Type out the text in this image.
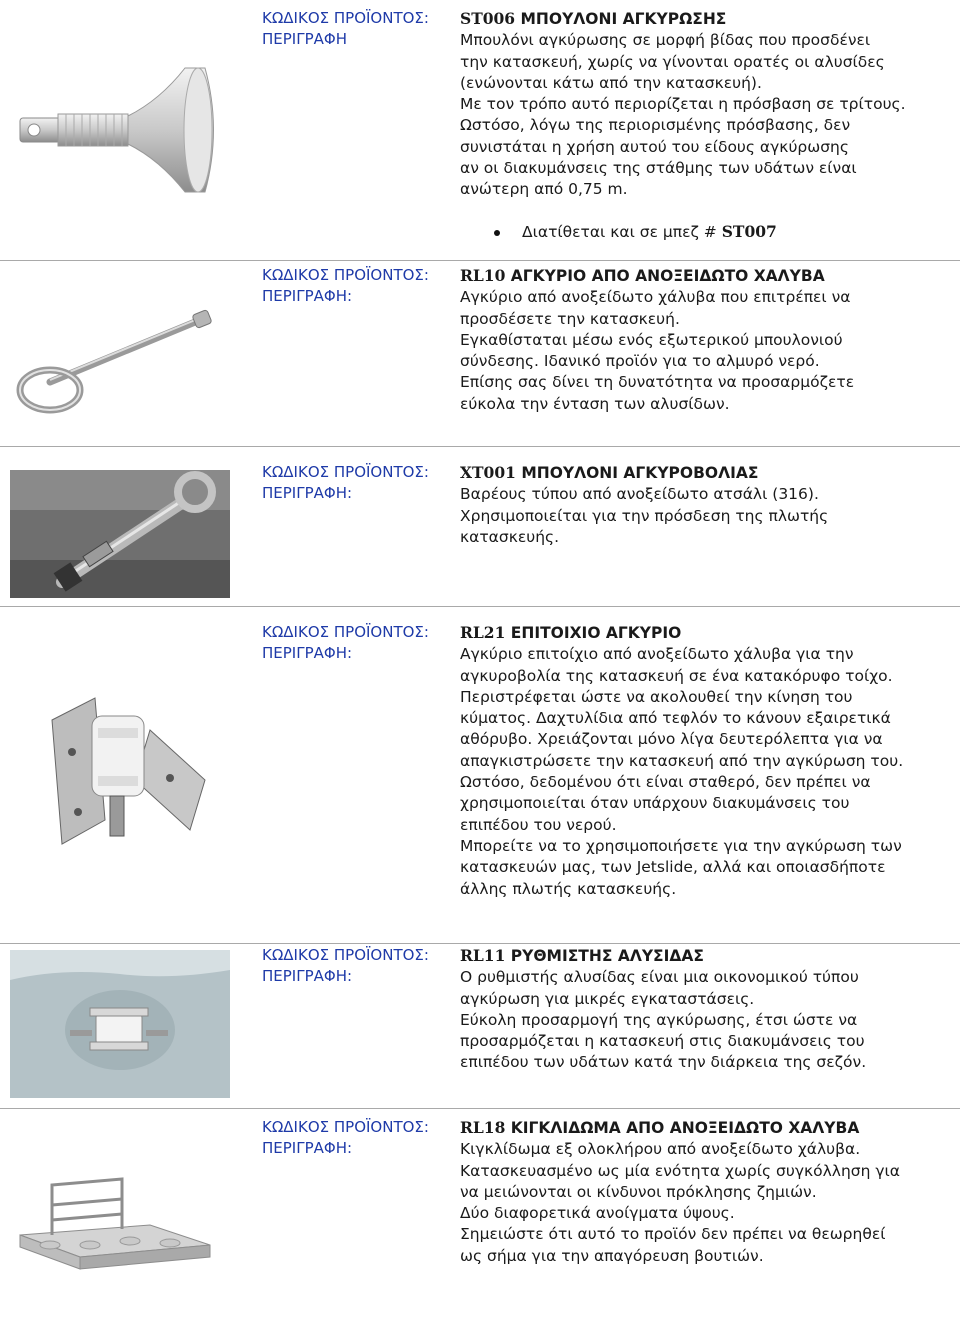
ΚΩΔΙΚΟΣ ΠΡΟΪΟΝΤΟΣ:
ΠΕΡΙΓΡΑΦΗ
ST006 ΜΠΟΥΛΟΝΙ ΑΓΚΥΡΩΣΗΣ
Μπουλόνι αγκύρωσης σε μορφή βίδας που προσδένει
την κατασκευή, χωρίς να γίνονται ορατές οι αλυσίδες
(ενώνονται κάτω από την κατασκευή).
Με τον τρόπο αυτό περιορίζεται η πρόσβαση σε τρίτους.
Ωστόσο, λόγω της περιορισμένης πρόσβασης, δεν
συνιστάται η χρήση αυτού του είδους αγκύρωσης
αν οι διακυμάνσεις της στάθμης των υδάτων είναι
ανώτερη από 0,75 m.
Διατίθεται και σε μπεζ # ST007
ΚΩΔΙΚΟΣ ΠΡΟΪΟΝΤΟΣ:
ΠΕΡΙΓΡΑΦΗ:
RL10 ΑΓΚΥΡΙΟ ΑΠΟ ΑΝΟΞΕΙΔΩΤΟ ΧΑΛΥΒΑ
Αγκύριο από ανοξείδωτο χάλυβα που επιτρέπει να
προσδέσετε την κατασκευή.
Εγκαθίσταται μέσω ενός εξωτερικού μπουλονιού
σύνδεσης. Ιδανικό προϊόν για το αλμυρό νερό.
Επίσης σας δίνει τη δυνατότητα να προσαρμόζετε
εύκολα την ένταση των αλυσίδων.
ΚΩΔΙΚΟΣ ΠΡΟΪΟΝΤΟΣ:
ΠΕΡΙΓΡΑΦΗ:
XT001 ΜΠΟΥΛΟΝΙ ΑΓΚΥΡΟΒΟΛΙΑΣ
Βαρέους τύπου από ανοξείδωτο ατσάλι (316).
Χρησιμοποιείται για την πρόσδεση της πλωτής
κατασκευής.
ΚΩΔΙΚΟΣ ΠΡΟΪΟΝΤΟΣ:
ΠΕΡΙΓΡΑΦΗ:
RL21 ΕΠΙΤΟΙΧΙΟ ΑΓΚΥΡΙΟ
Αγκύριο επιτοίχιο από ανοξείδωτο χάλυβα για την
αγκυροβολία της κατασκευή σε ένα κατακόρυφο τοίχο.
Περιστρέφεται ώστε να ακολουθεί την κίνηση του
κύματος. Δαχτυλίδια από τεφλόν το κάνουν εξαιρετικά
αθόρυβο. Χρειάζονται μόνο λίγα δευτερόλεπτα για να
απαγκιστρώσετε την κατασκευή από την αγκύρωση του.
Ωστόσο, δεδομένου ότι είναι σταθερό, δεν πρέπει να
χρησιμοποιείται όταν υπάρχουν διακυμάνσεις του
επιπέδου του νερού.
Μπορείτε να το χρησιμοποιήσετε για την αγκύρωση των
κατασκευών μας, των Jetslide, αλλά και οποιασδήποτε
άλλης πλωτής κατασκευής.
ΚΩΔΙΚΟΣ ΠΡΟΪΟΝΤΟΣ:
ΠΕΡΙΓΡΑΦΗ:
RL11 ΡΥΘΜΙΣΤΗΣ ΑΛΥΣΙΔΑΣ
Ο ρυθμιστής αλυσίδας είναι μια οικονομικού τύπου
αγκύρωση για μικρές εγκαταστάσεις.
Εύκολη προσαρμογή της αγκύρωσης, έτσι ώστε να
προσαρμόζεται η κατασκευή στις διακυμάνσεις του
επιπέδου των υδάτων κατά την διάρκεια της σεζόν.
ΚΩΔΙΚΟΣ ΠΡΟΪΟΝΤΟΣ:
ΠΕΡΙΓΡΑΦΗ:
RL18 ΚΙΓΚΛΙΔΩΜΑ ΑΠΟ ΑΝΟΞΕΙΔΩΤΟ ΧΑΛΥΒΑ
Κιγκλίδωμα εξ ολοκλήρου από ανοξείδωτο χάλυβα.
Κατασκευασμένο ως μία ενότητα χωρίς συγκόλληση για
να μειώνονται οι κίνδυνοι πρόκλησης ζημιών.
Δύο διαφορετικά ανοίγματα ύψους.
Σημειώστε ότι αυτό το προϊόν δεν πρέπει να θεωρηθεί
ως σήμα για την απαγόρευση βουτιών.
